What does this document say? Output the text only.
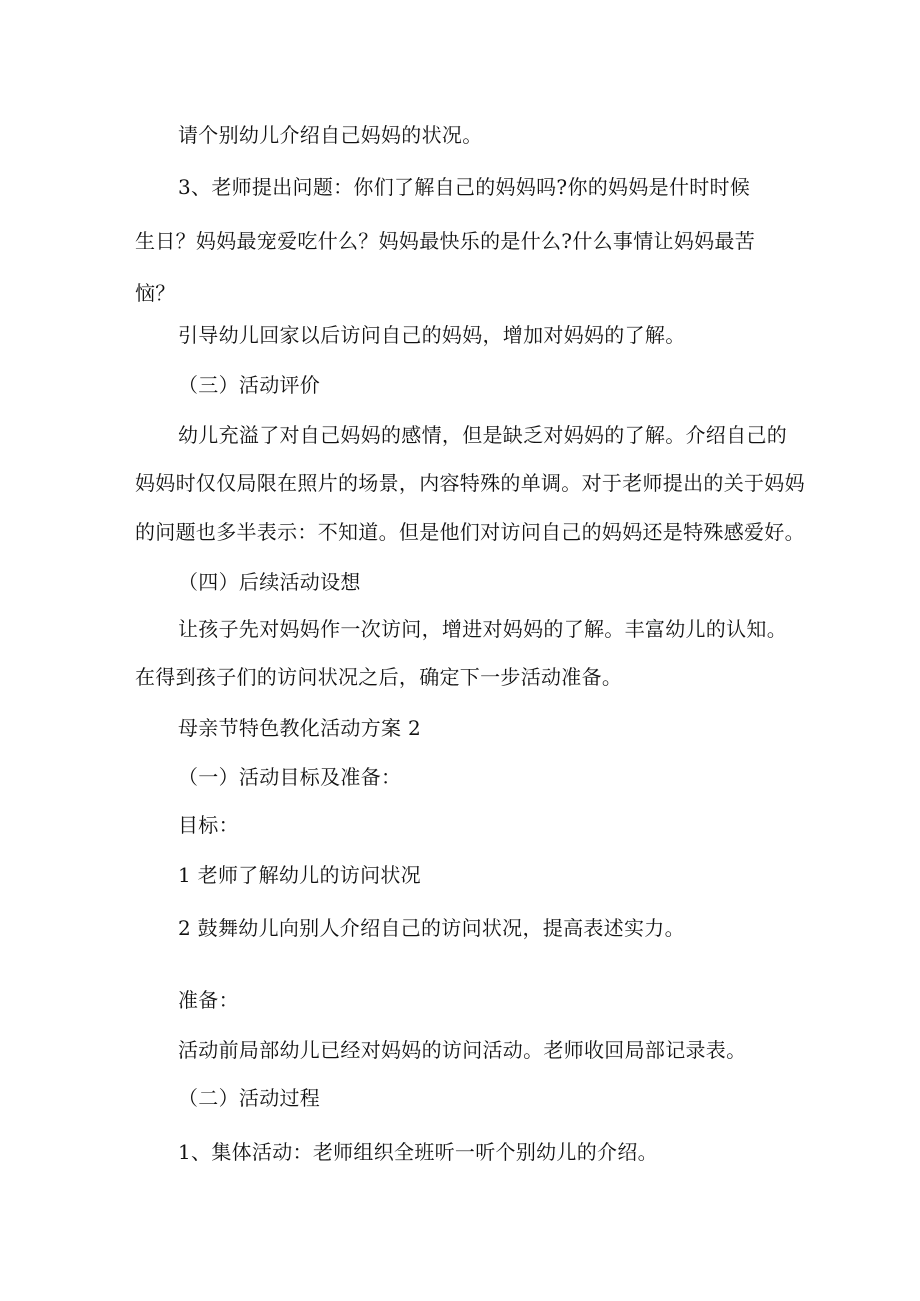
请个别幼儿介绍自己妈妈的状况。
3、老师提出问题：你们了解自己的妈妈吗?你的妈妈是什时时候
生日？妈妈最宠爱吃什么？妈妈最快乐的是什么?什么事情让妈妈最苦
恼？
引导幼儿回家以后访问自己的妈妈，增加对妈妈的了解。
（三）活动评价
幼儿充溢了对自己妈妈的感情，但是缺乏对妈妈的了解。介绍自己的
妈妈时仅仅局限在照片的场景，内容特殊的单调。对于老师提出的关于妈妈
的问题也多半表示：不知道。但是他们对访问自己的妈妈还是特殊感爱好。
（四）后续活动设想
让孩子先对妈妈作一次访问，增进对妈妈的了解。丰富幼儿的认知。
在得到孩子们的访问状况之后，确定下一步活动准备。
母亲节特色教化活动方案 2
（一）活动目标及准备：
目标：
1 老师了解幼儿的访问状况
2 鼓舞幼儿向别人介绍自己的访问状况，提高表述实力。
准备：
活动前局部幼儿已经对妈妈的访问活动。老师收回局部记录表。
（二）活动过程
1、集体活动：老师组织全班听一听个别幼儿的介绍。
